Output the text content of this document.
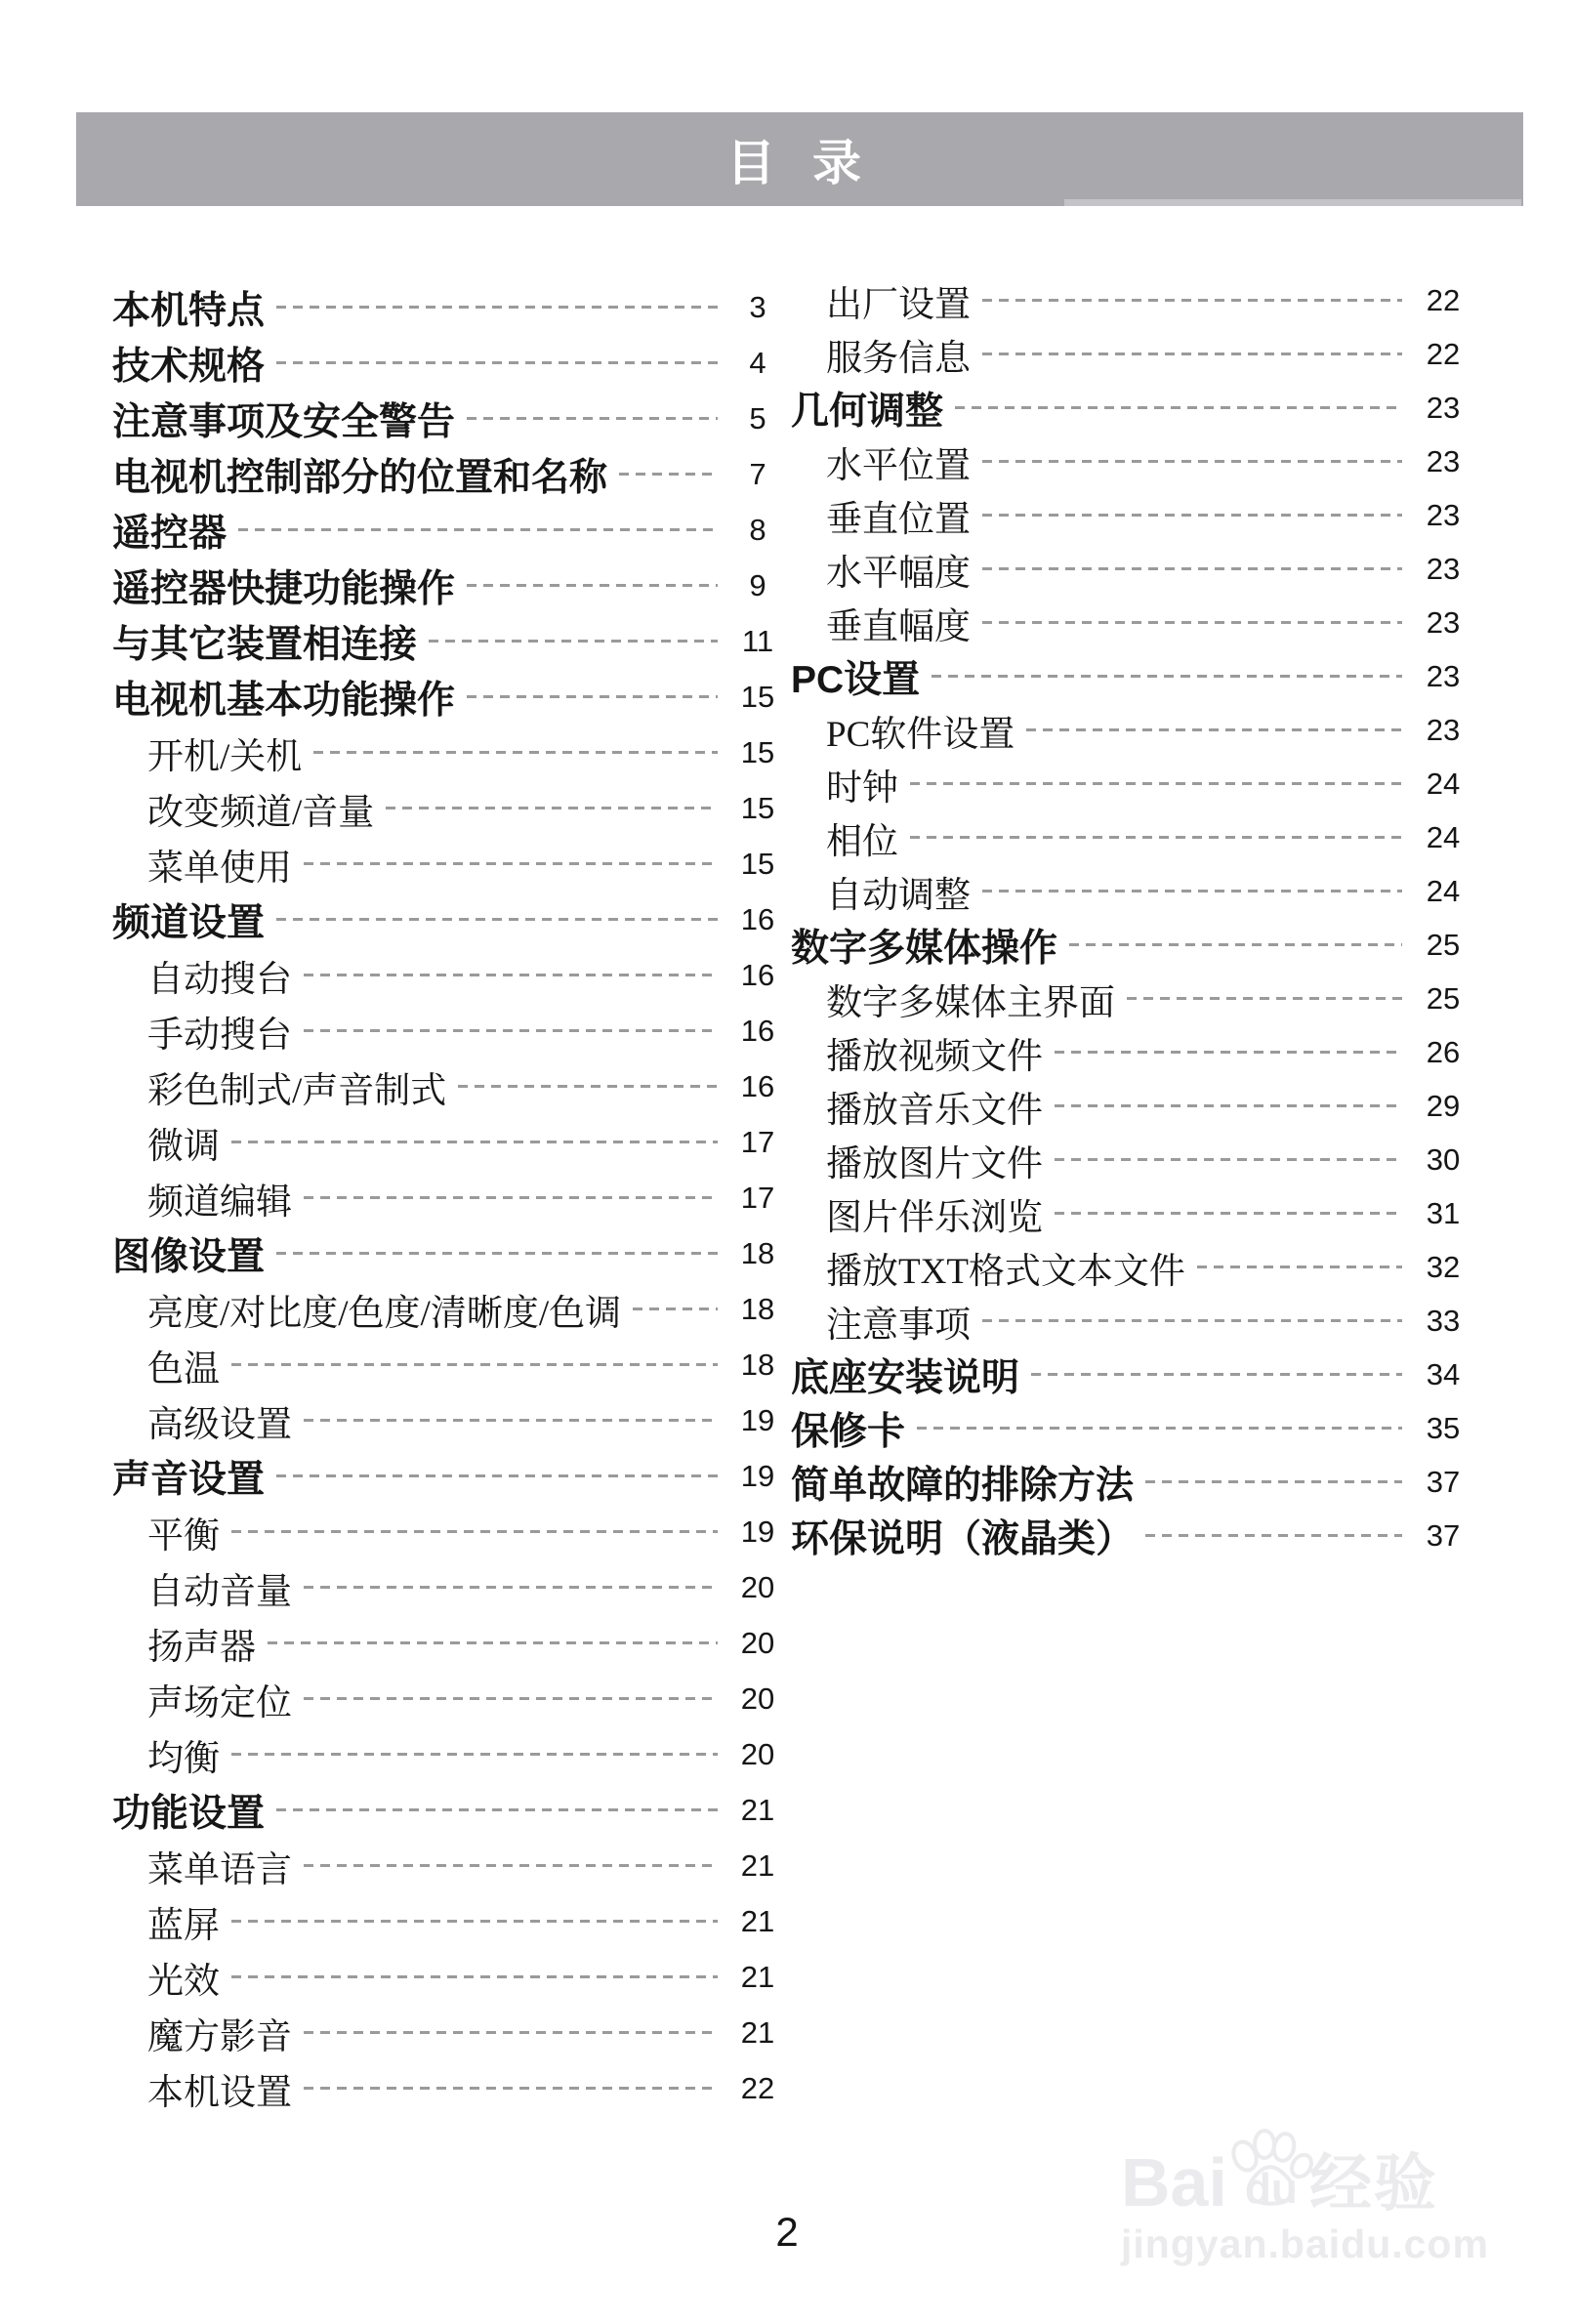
目 录
本机特点	3
技术规格	4
注意事项及安全警告	5
电视机控制部分的位置和名称	7
遥控器	8
遥控器快捷功能操作	9
与其它装置相连接	11
电视机基本功能操作	15
开机/关机	15
改变频道/音量	15
菜单使用	15
频道设置	16
自动搜台	16
手动搜台	16
彩色制式/声音制式	16
微调	17
频道编辑	17
图像设置	18
亮度/对比度/色度/清晰度/色调	18
色温	18
高级设置	19
声音设置	19
平衡	19
自动音量	20
扬声器	20
声场定位	20
均衡	20
功能设置	21
菜单语言	21
蓝屏	21
光效	21
魔方影音	21
本机设置	22
出厂设置	22
服务信息	22
几何调整	23
水平位置	23
垂直位置	23
水平幅度	23
垂直幅度	23
PC设置	23
PC软件设置	23
时钟	24
相位	24
自动调整	24
数字多媒体操作	25
数字多媒体主界面	25
播放视频文件	26
播放音乐文件	29
播放图片文件	30
图片伴乐浏览	31
播放TXT格式文本文件	32
注意事项	33
底座安装说明	34
保修卡	35
简单故障的排除方法	37
环保说明（液晶类）	37
2
Bai du 经验
jingyan.baidu.com
